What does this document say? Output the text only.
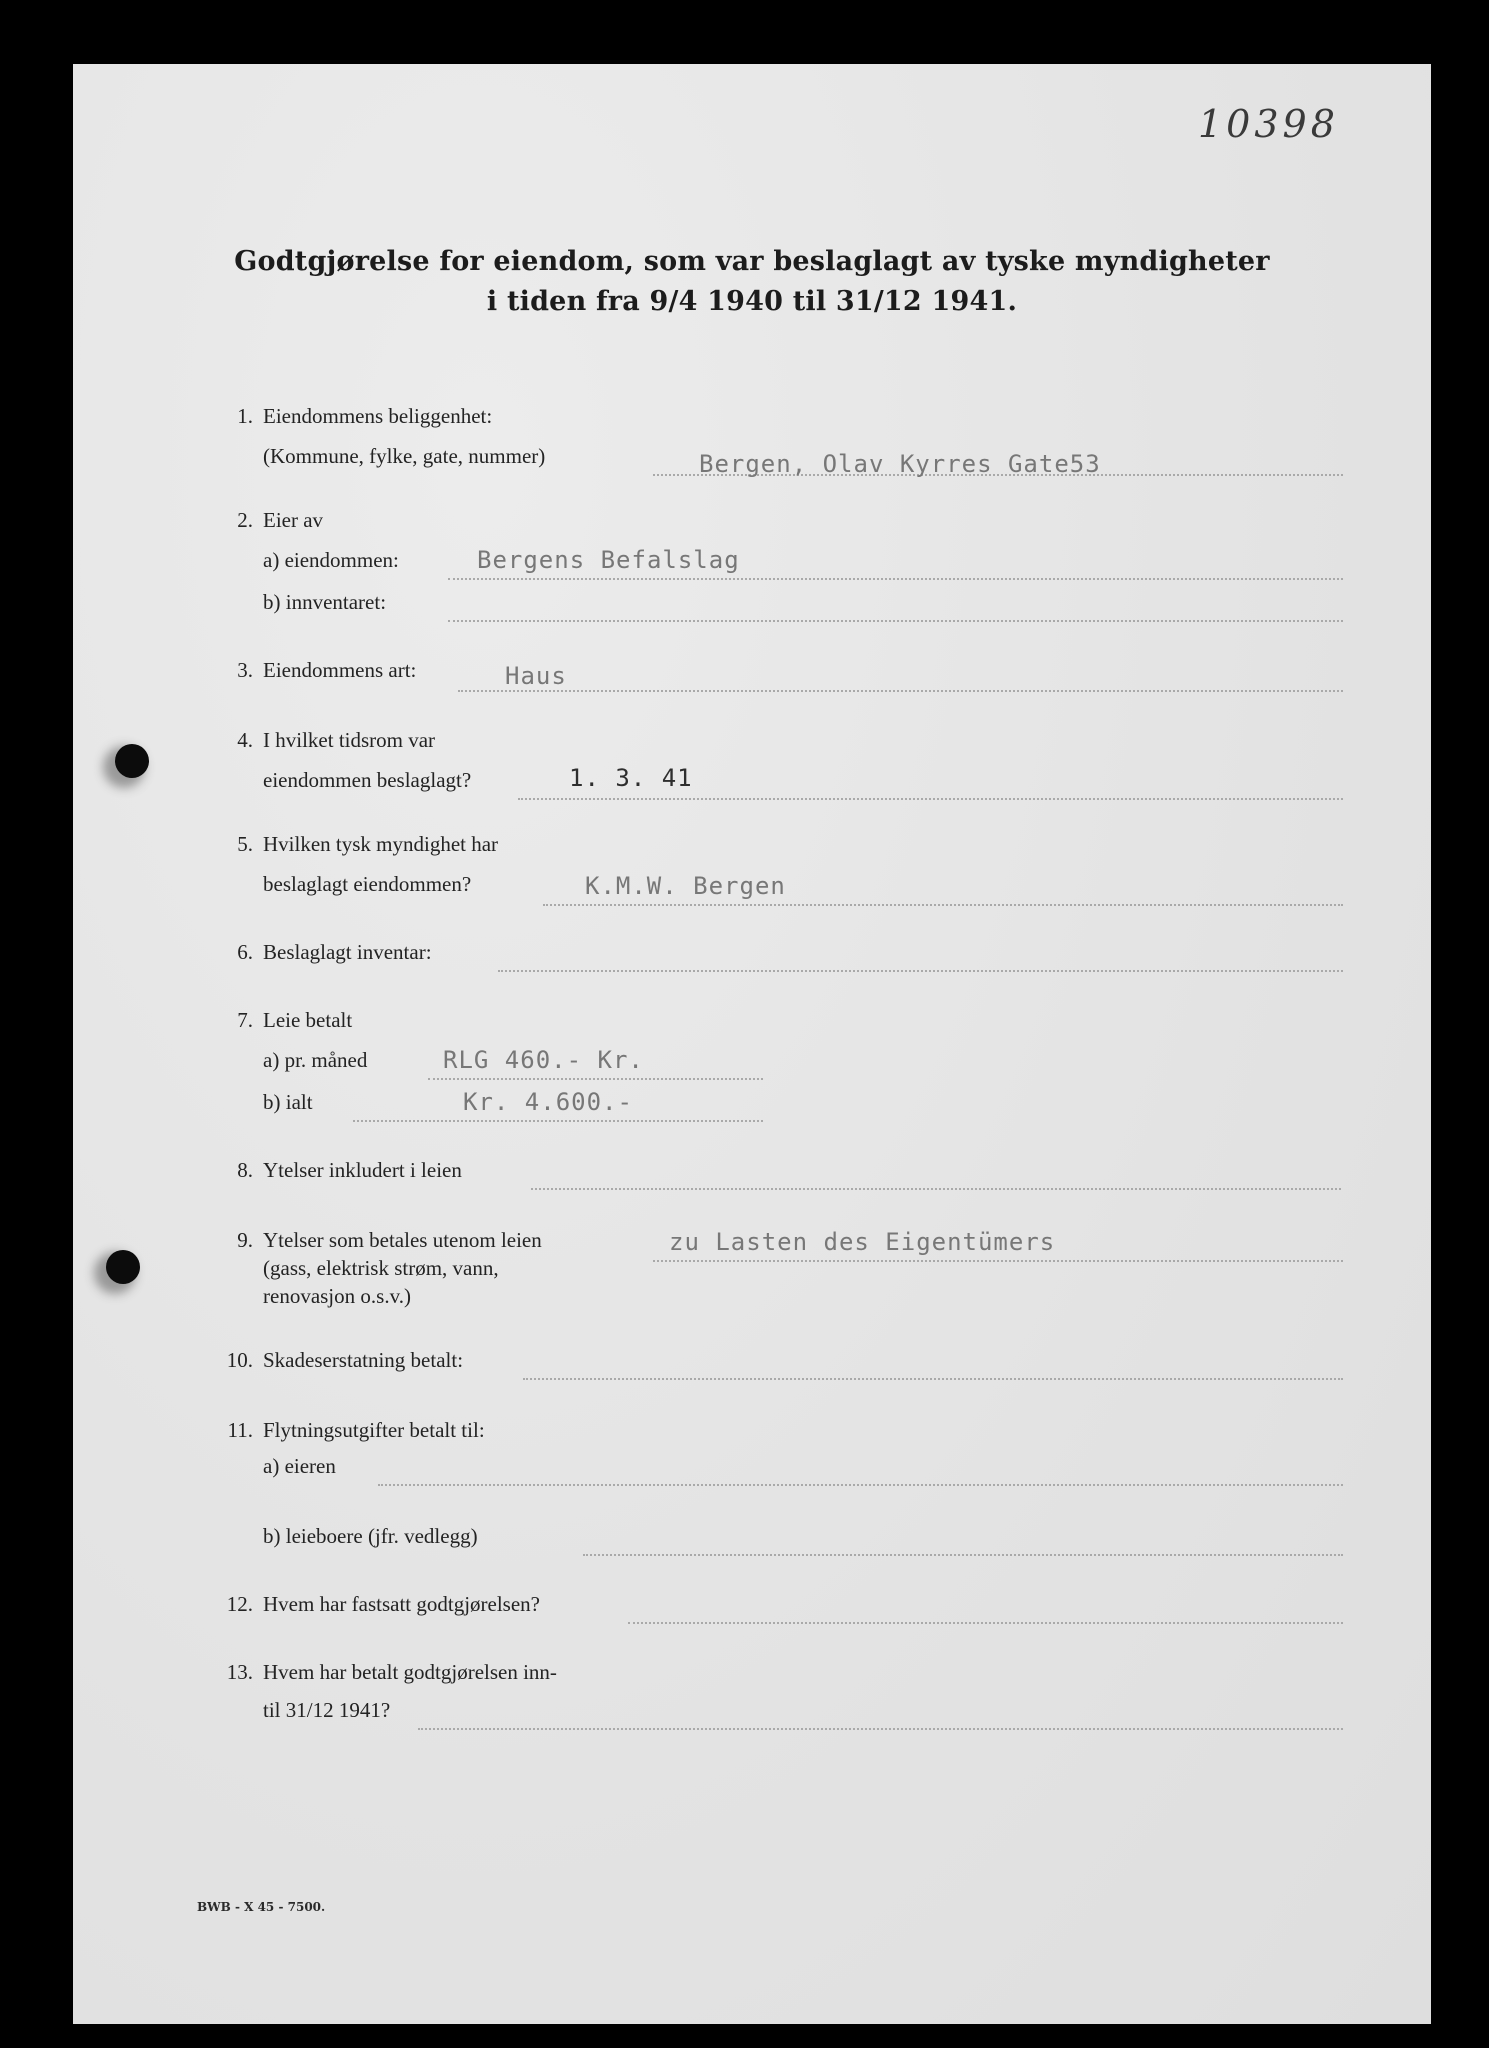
10398
Godtgjørelse for eiendom, som var beslaglagt av tyske myndigheter
i tiden fra 9/4 1940 til 31/12 1941.
1. Eiendommens beliggenhet:
(Kommune, fylke, gate, nummer)	Bergen, Olav Kyrres Gate53
2. Eier av
a) eiendommen:	Bergens Befalslag
b) innventaret:
3. Eiendommens art:	Haus
4. I hvilket tidsrom var
eiendommen beslaglagt?	1. 3. 41
5. Hvilken tysk myndighet har
beslaglagt eiendommen?	K.M.W. Bergen
6. Beslaglagt inventar:
7. Leie betalt
a) pr. måned	RLG 460.- Kr.
b) ialt	Kr. 4.600.-
8. Ytelser inkludert i leien
9. Ytelser som betales utenom leien
(gass, elektrisk strøm, vann,
renovasjon o.s.v.)
zu Lasten des Eigentümers
10. Skadeserstatning betalt:
11. Flytningsutgifter betalt til:
a) eieren
b) leieboere (jfr. vedlegg)
12. Hvem har fastsatt godtgjørelsen?
13. Hvem har betalt godtgjørelsen inn-
til 31/12 1941?
BWB - X 45 - 7500.
